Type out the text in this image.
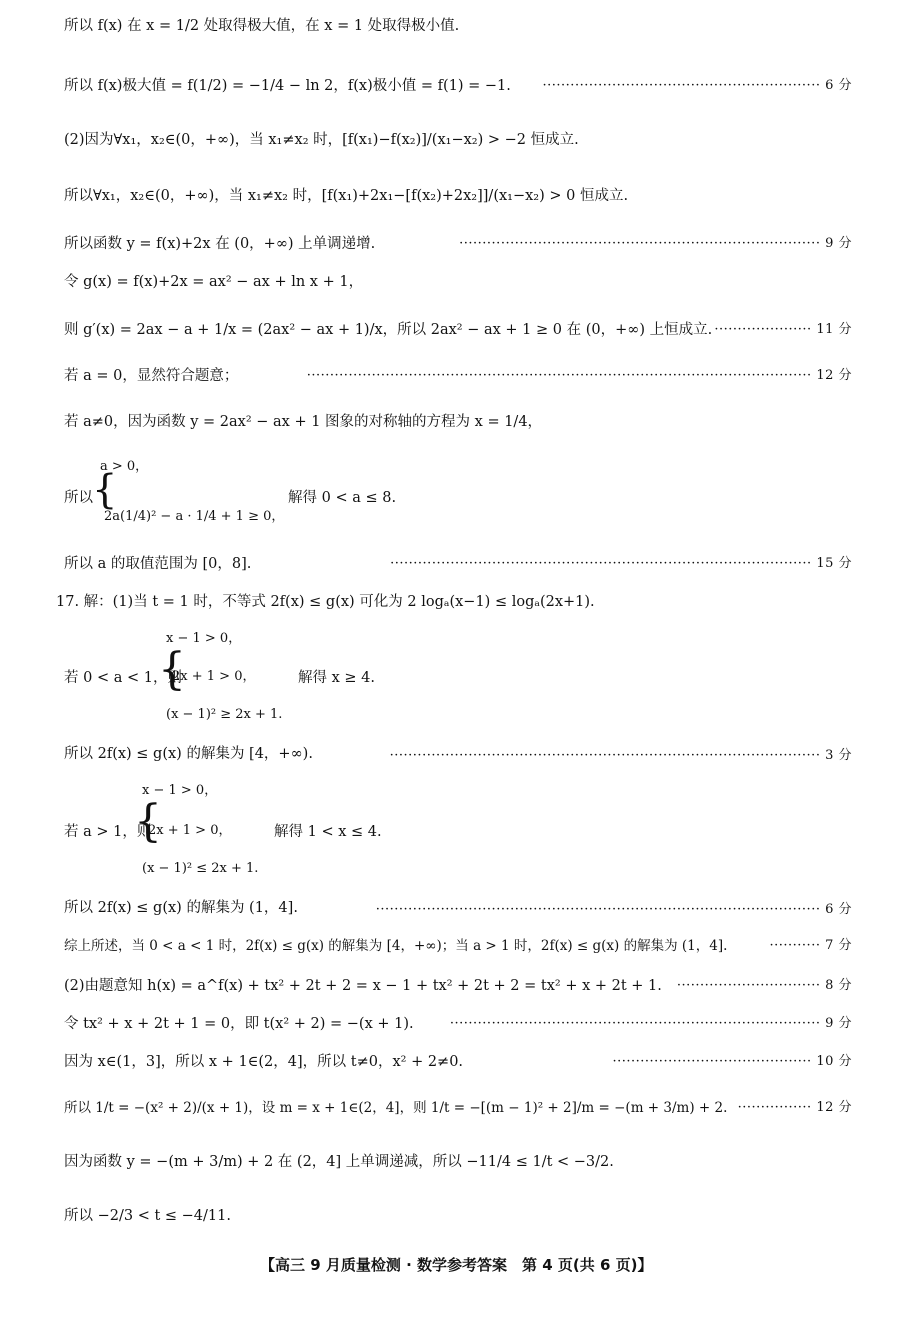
所以 f(x) 在 x = 1/2 处取得极大值，在 x = 1 处取得极小值.
所以 f(x)极大值 = f(1/2) = −1/4 − ln 2，f(x)极小值 = f(1) = −1. ···························································· 6 分
(2)因为∀x₁，x₂∈(0，+∞)，当 x₁≠x₂ 时，[f(x₁)−f(x₂)]/(x₁−x₂) > −2 恒成立.
所以∀x₁，x₂∈(0，+∞)，当 x₁≠x₂ 时，[f(x₁)+2x₁−[f(x₂)+2x₂]]/(x₁−x₂) > 0 恒成立.
所以函数 y = f(x)+2x 在 (0，+∞) 上单调递增.	·············································································· 9 分
令 g(x) = f(x)+2x = ax² − ax + ln x + 1，
则 g′(x) = 2ax − a + 1/x = (2ax² − ax + 1)/x，所以 2ax² − ax + 1 ≥ 0 在 (0，+∞) 上恒成立. ····················· 11 分
若 a = 0，显然符合题意；	············································································································· 12 分
若 a≠0，因为函数 y = 2ax² − ax + 1 图象的对称轴的方程为 x = 1/4，
a > 0，
所以 {
2a(1/4)² − a · 1/4 + 1 ≥ 0，
解得 0 < a ≤ 8.
所以 a 的取值范围为 [0，8].	··························································································· 15 分
17. 解：(1)当 t = 1 时，不等式 2f(x) ≤ g(x) 可化为 2 logₐ(x−1) ≤ logₐ(2x+1).
x − 1 > 0，
若 0 < a < 1，则
{
2x + 1 > 0，	解得 x ≥ 4.
(x − 1)² ≥ 2x + 1.
所以 2f(x) ≤ g(x) 的解集为 [4，+∞).	····························································································· 3 分
x − 1 > 0，
若 a > 1，则
{
2x + 1 > 0，	解得 1 < x ≤ 4.
(x − 1)² ≤ 2x + 1.
所以 2f(x) ≤ g(x) 的解集为 (1，4].	································································································ 6 分
综上所述，当 0 < a < 1 时，2f(x) ≤ g(x) 的解集为 [4，+∞)；当 a > 1 时，2f(x) ≤ g(x) 的解集为 (1，4].	··········· 7 分
(2)由题意知 h(x) = a^f(x) + tx² + 2t + 2 = x − 1 + tx² + 2t + 2 = tx² + x + 2t + 1. ······························· 8 分
令 tx² + x + 2t + 1 = 0，即 t(x² + 2) = −(x + 1).	················································································ 9 分
因为 x∈(1，3]，所以 x + 1∈(2，4]，所以 t≠0，x² + 2≠0.	··········································· 10 分
所以 1/t = −(x² + 2)/(x + 1)，设 m = x + 1∈(2，4]，则 1/t = −[(m − 1)² + 2]/m = −(m + 3/m) + 2. ················ 12 分
因为函数 y = −(m + 3/m) + 2 在 (2，4] 上单调递减，所以 −11/4 ≤ 1/t < −3/2.
所以 −2/3 < t ≤ −4/11.
【高三 9 月质量检测 · 数学参考答案　第 4 页(共 6 页)】
